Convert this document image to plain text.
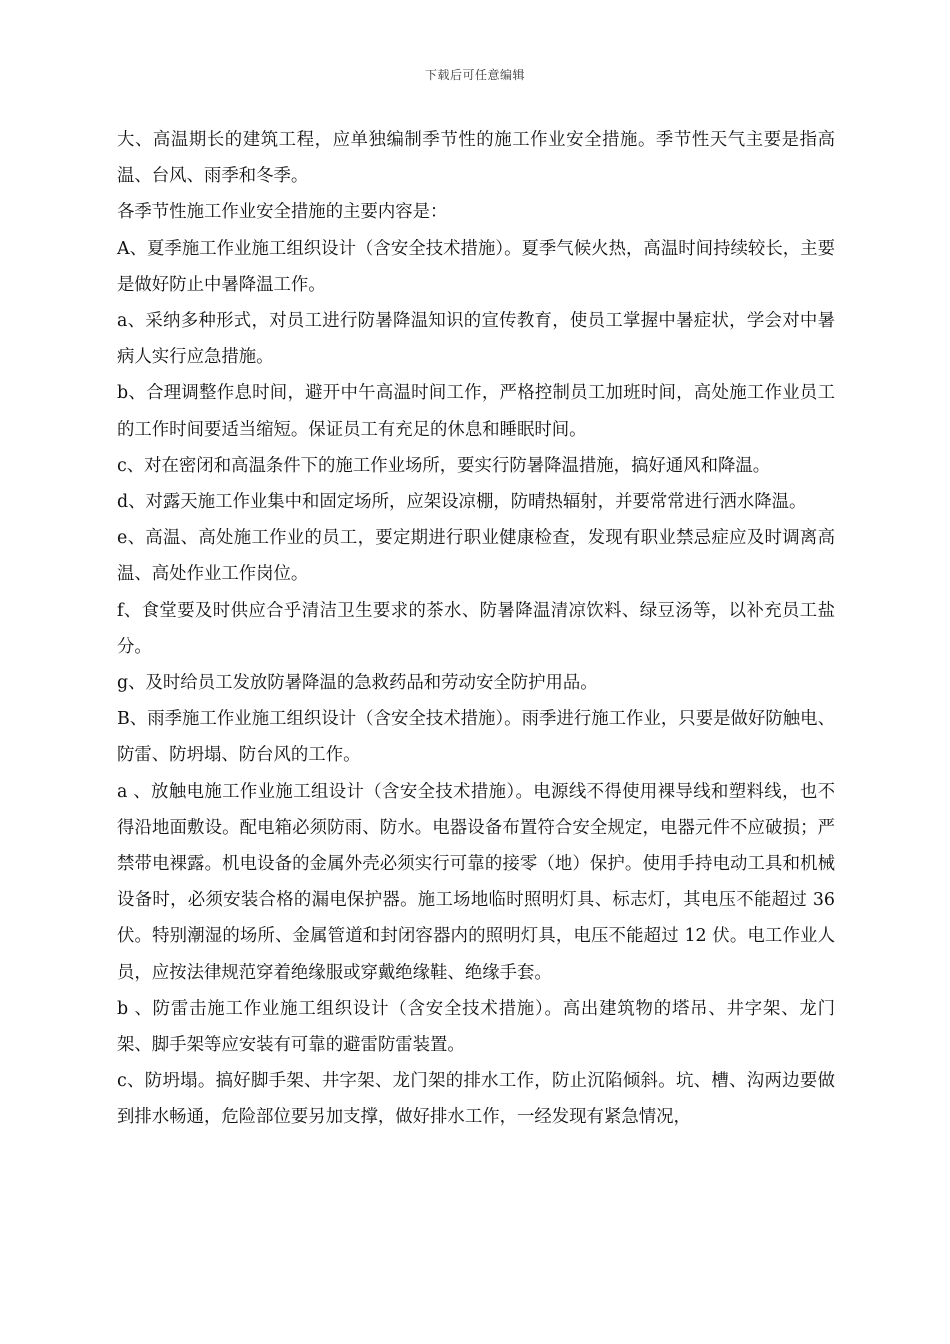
下载后可任意编辑

大、高温期长的建筑工程，应单独编制季节性的施工作业安全措施。季节性天气主要是指高温、台风、雨季和冬季。

各季节性施工作业安全措施的主要内容是：

A、夏季施工作业施工组织设计（含安全技术措施）。夏季气候火热，高温时间持续较长，主要是做好防止中暑降温工作。

a、采纳多种形式，对员工进行防暑降温知识的宣传教育，使员工掌握中暑症状，学会对中暑病人实行应急措施。

b、合理调整作息时间，避开中午高温时间工作，严格控制员工加班时间，高处施工作业员工的工作时间要适当缩短。保证员工有充足的休息和睡眠时间。

c、对在密闭和高温条件下的施工作业场所，要实行防暑降温措施，搞好通风和降温。

d、对露天施工作业集中和固定场所，应架设凉棚，防晴热辐射，并要常常进行洒水降温。

e、高温、高处施工作业的员工，要定期进行职业健康检查，发现有职业禁忌症应及时调离高温、高处作业工作岗位。

f、食堂要及时供应合乎清洁卫生要求的茶水、防暑降温清凉饮料、绿豆汤等，以补充员工盐分。

g、及时给员工发放防暑降温的急救药品和劳动安全防护用品。

B、雨季施工作业施工组织设计（含安全技术措施）。雨季进行施工作业，只要是做好防触电、防雷、防坍塌、防台风的工作。

a 、放触电施工作业施工组设计（含安全技术措施）。电源线不得使用裸导线和塑料线，也不得沿地面敷设。配电箱必须防雨、防水。电器设备布置符合安全规定，电器元件不应破损；严禁带电裸露。机电设备的金属外壳必须实行可靠的接零（地）保护。使用手持电动工具和机械设备时，必须安装合格的漏电保护器。施工场地临时照明灯具、标志灯，其电压不能超过 36 伏。特别潮湿的场所、金属管道和封闭容器内的照明灯具，电压不能超过 12 伏。电工作业人员，应按法律规范穿着绝缘服或穿戴绝缘鞋、绝缘手套。

b 、防雷击施工作业施工组织设计（含安全技术措施）。高出建筑物的塔吊、井字架、龙门架、脚手架等应安装有可靠的避雷防雷装置。

c、防坍塌。搞好脚手架、井字架、龙门架的排水工作，防止沉陷倾斜。坑、槽、沟两边要做到排水畅通，危险部位要另加支撑，做好排水工作，一经发现有紧急情况，
